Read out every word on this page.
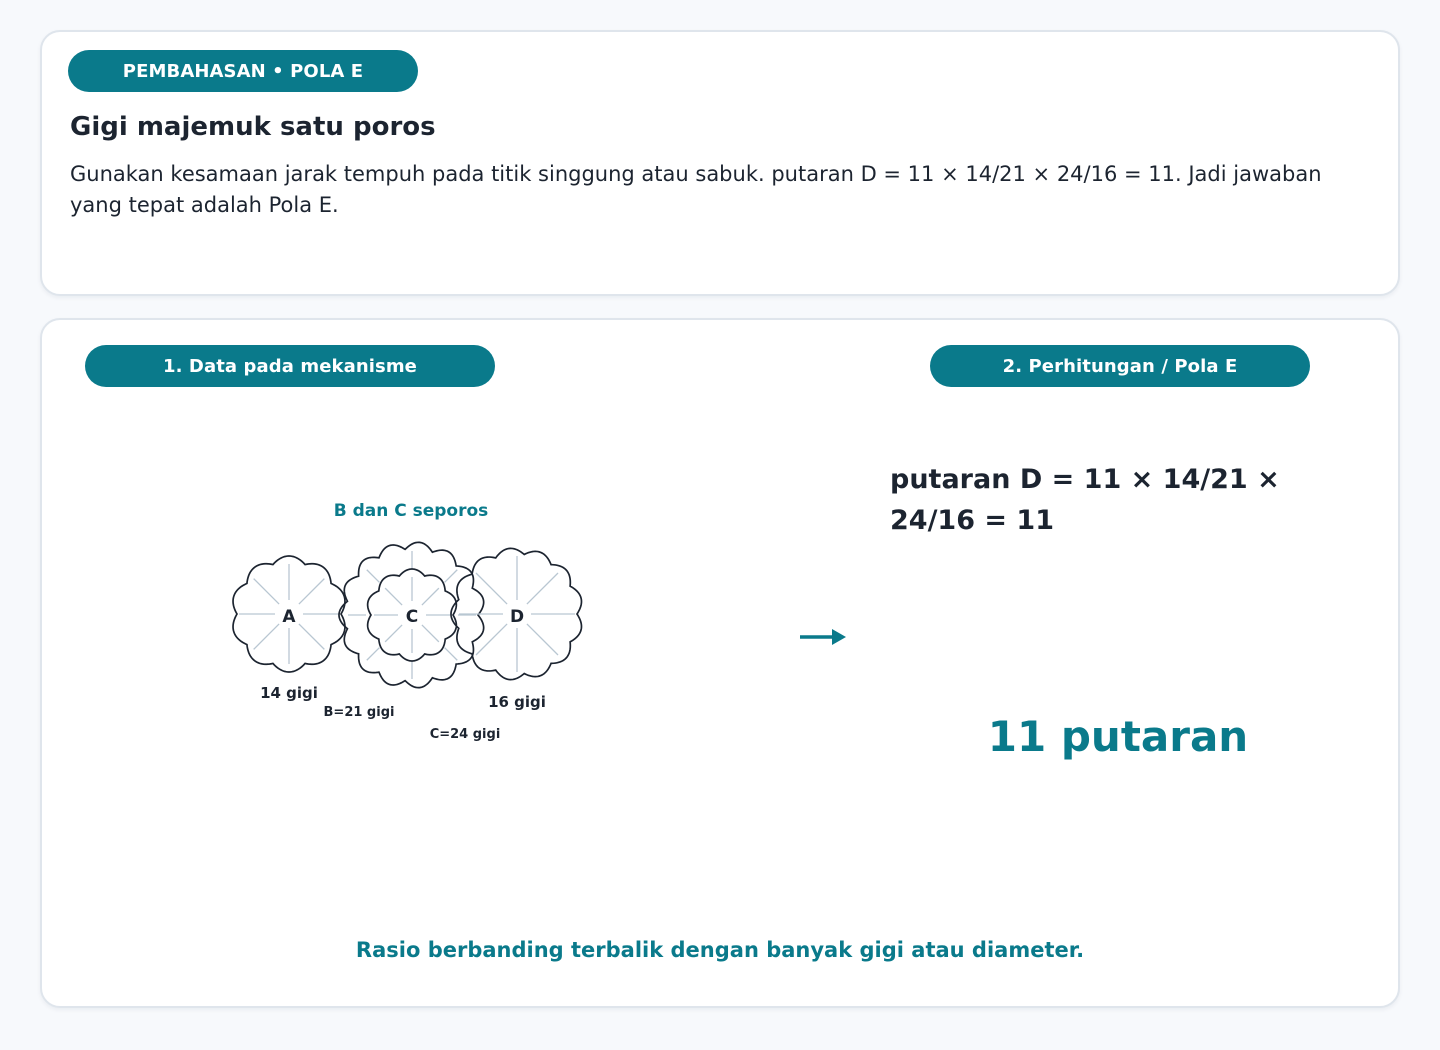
PEMBAHASAN • POLA E
Gigi majemuk satu poros
Gunakan kesamaan jarak tempuh pada titik singgung atau sabuk. putaran D = 11 × 14/21 × 24/16 = 11. Jadi jawaban yang tepat adalah Pola E.
1. Data pada mekanisme	2. Perhitungan / Pola E
B dan C seporos
A	C	D
14 gigi
B=21 gigi
C=24 gigi
16 gigi
putaran D = 11 × 14/21 × 24/16 = 11
11 putaran
Rasio berbanding terbalik dengan banyak gigi atau diameter.
